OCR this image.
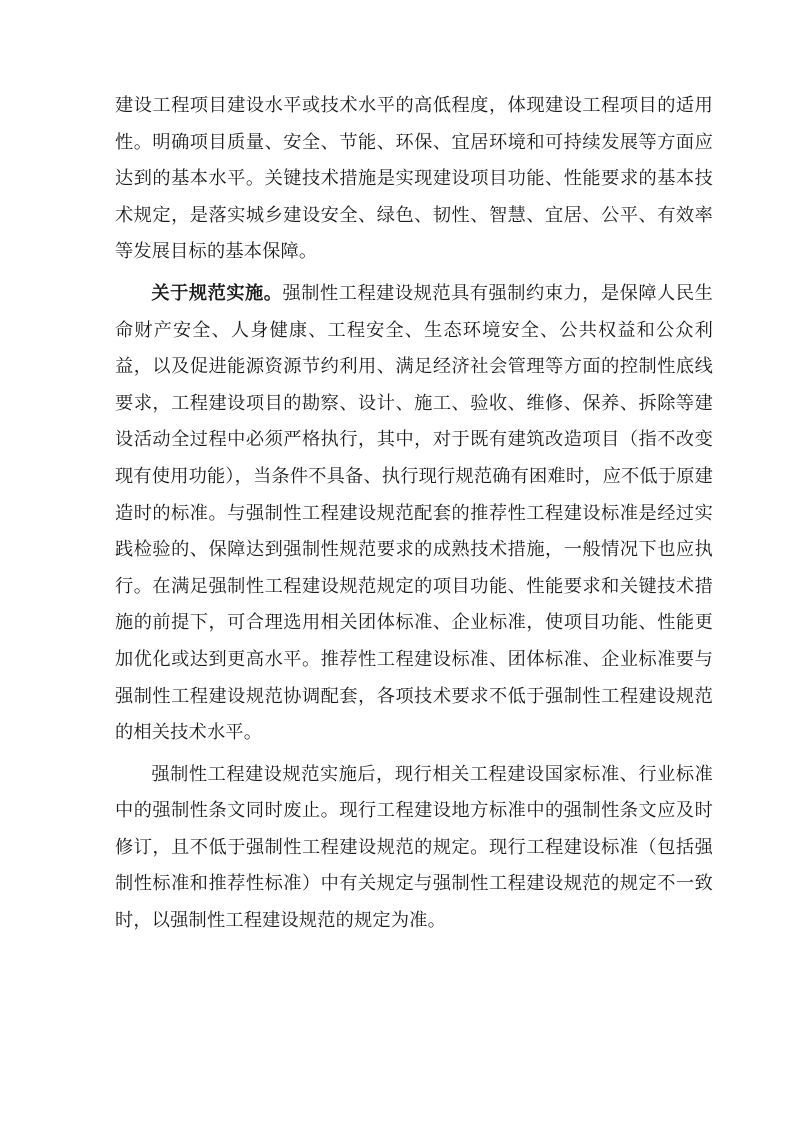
建设工程项目建设水平或技术水平的高低程度，体现建设工程项目的适用性。明确项目质量、安全、节能、环保、宜居环境和可持续发展等方面应达到的基本水平。关键技术措施是实现建设项目功能、性能要求的基本技术规定，是落实城乡建设安全、绿色、韧性、智慧、宜居、公平、有效率等发展目标的基本保障。

关于规范实施。强制性工程建设规范具有强制约束力，是保障人民生命财产安全、人身健康、工程安全、生态环境安全、公共权益和公众利益，以及促进能源资源节约利用、满足经济社会管理等方面的控制性底线要求，工程建设项目的勘察、设计、施工、验收、维修、保养、拆除等建设活动全过程中必须严格执行，其中，对于既有建筑改造项目（指不改变现有使用功能），当条件不具备、执行现行规范确有困难时，应不低于原建造时的标准。与强制性工程建设规范配套的推荐性工程建设标准是经过实践检验的、保障达到强制性规范要求的成熟技术措施，一般情况下也应执行。在满足强制性工程建设规范规定的项目功能、性能要求和关键技术措施的前提下，可合理选用相关团体标准、企业标准，使项目功能、性能更加优化或达到更高水平。推荐性工程建设标准、团体标准、企业标准要与强制性工程建设规范协调配套，各项技术要求不低于强制性工程建设规范的相关技术水平。

强制性工程建设规范实施后，现行相关工程建设国家标准、行业标准中的强制性条文同时废止。现行工程建设地方标准中的强制性条文应及时修订，且不低于强制性工程建设规范的规定。现行工程建设标准（包括强制性标准和推荐性标准）中有关规定与强制性工程建设规范的规定不一致时，以强制性工程建设规范的规定为准。
